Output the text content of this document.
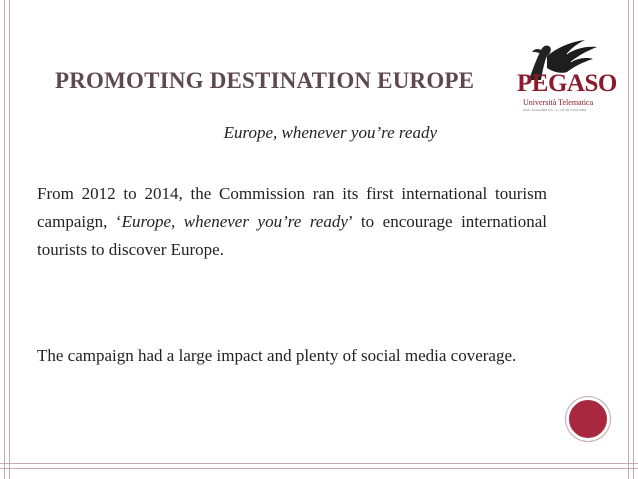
PEGASO
Università Telematica
D.M. 20.04.2006 G.U. n. 118 del 23.05.2006
PROMOTING DESTINATION EUROPE
Europe, whenever you’re ready

From 2012 to 2014, the Commission ran its first international tourism campaign, ‘Europe, whenever you’re ready’ to encourage international tourists to discover Europe.

The campaign had a large impact and plenty of social media coverage.
